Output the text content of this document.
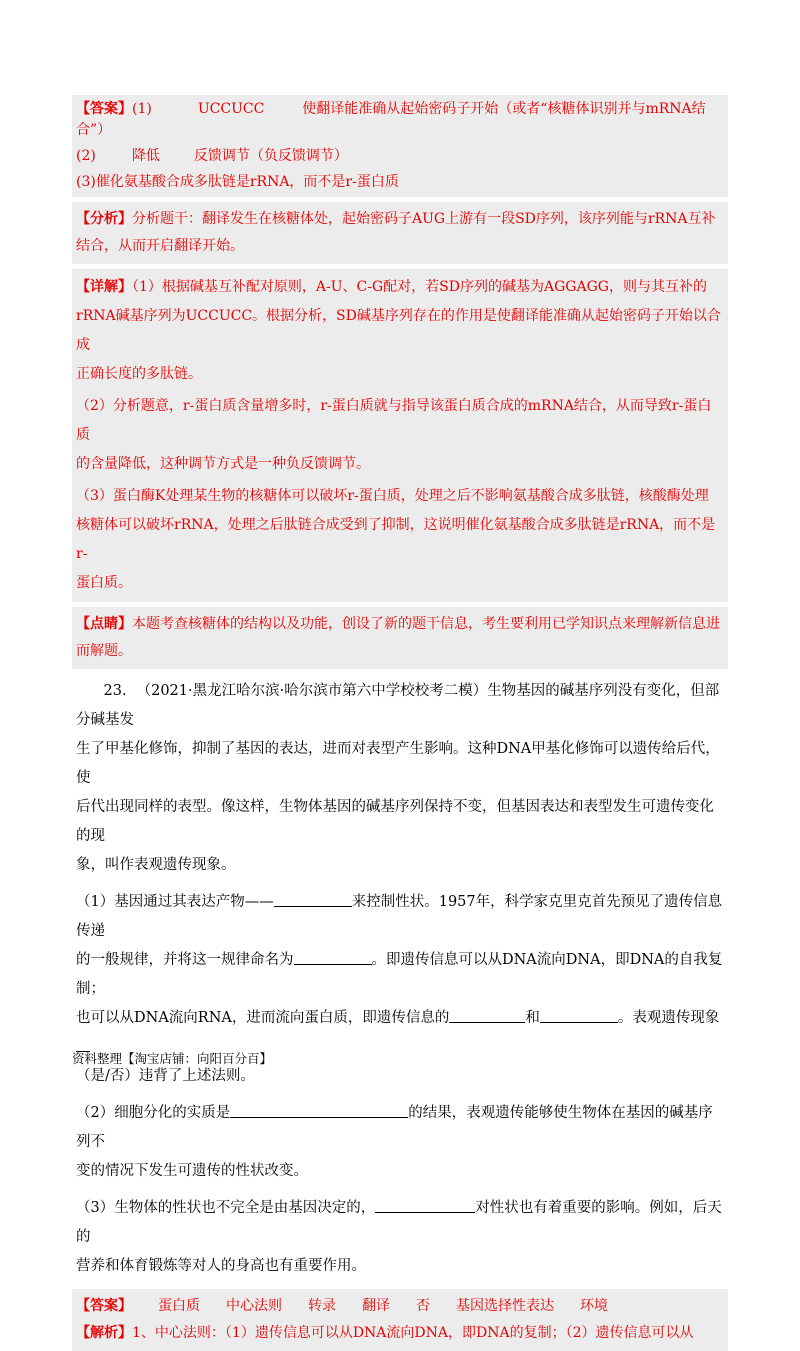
【答案】(1)	UCCUCC	使翻译能准确从起始密码子开始（或者“核糖体识别并与mRNA结
合”）
(2)	降低 反馈调节（负反馈调节）
(3)催化氨基酸合成多肽链是rRNA，而不是r-蛋白质
【分析】分析题干：翻译发生在核糖体处，起始密码子AUG上游有一段SD序列，该序列能与rRNA互补
结合，从而开启翻译开始。
【详解】（1）根据碱基互补配对原则，A-U、C-G配对，若SD序列的碱基为AGGAGG，则与其互补的
rRNA碱基序列为UCCUCC。根据分析，SD碱基序列存在的作用是使翻译能准确从起始密码子开始以合成
正确长度的多肽链。
（2）分析题意，r-蛋白质含量增多时，r-蛋白质就与指导该蛋白质合成的mRNA结合，从而导致r-蛋白质
的含量降低，这种调节方式是一种负反馈调节。
（3）蛋白酶K处理某生物的核糖体可以破坏r-蛋白质，处理之后不影响氨基酸合成多肽链，核酸酶处理
核糖体可以破坏rRNA，处理之后肽链合成受到了抑制，这说明催化氨基酸合成多肽链是rRNA，而不是r-
蛋白质。
【点睛】本题考查核糖体的结构以及功能，创设了新的题干信息，考生要利用已学知识点来理解新信息进
而解题。

23. （2021·黑龙江哈尔滨·哈尔滨市第六中学校校考二模）生物基因的碱基序列没有变化，但部分碱基发
生了甲基化修饰，抑制了基因的表达，进而对表型产生影响。这种DNA甲基化修饰可以遗传给后代，使
后代出现同样的表型。像这样，生物体基因的碱基序列保持不变，但基因表达和表型发生可遗传变化的现
象，叫作表观遗传现象。

（1）基因通过其表达产物——	来控制性状。1957年，科学家克里克首先预见了遗传信息传递
的一般规律，并将这一规律命名为	。即遗传信息可以从DNA流向DNA，即DNA的自我复制；
也可以从DNA流向RNA，进而流向蛋白质，即遗传信息的	和	。表观遗传现象
（是/否）违背了上述法则。

（2）细胞分化的实质是	的结果，表观遗传能够使生物体在基因的碱基序列不
变的情况下发生可遗传的性状改变。

（3）生物体的性状也不完全是由基因决定的，	对性状也有着重要的影响。例如，后天的
营养和体育锻炼等对人的身高也有重要作用。

【答案】 蛋白质 中心法则 转录 翻译 否 基因选择性表达 环境
【解析】1、中心法则：（1）遗传信息可以从DNA流向DNA，即DNA的复制；（2）遗传信息可以从
资料整理【淘宝店铺：向阳百分百】
